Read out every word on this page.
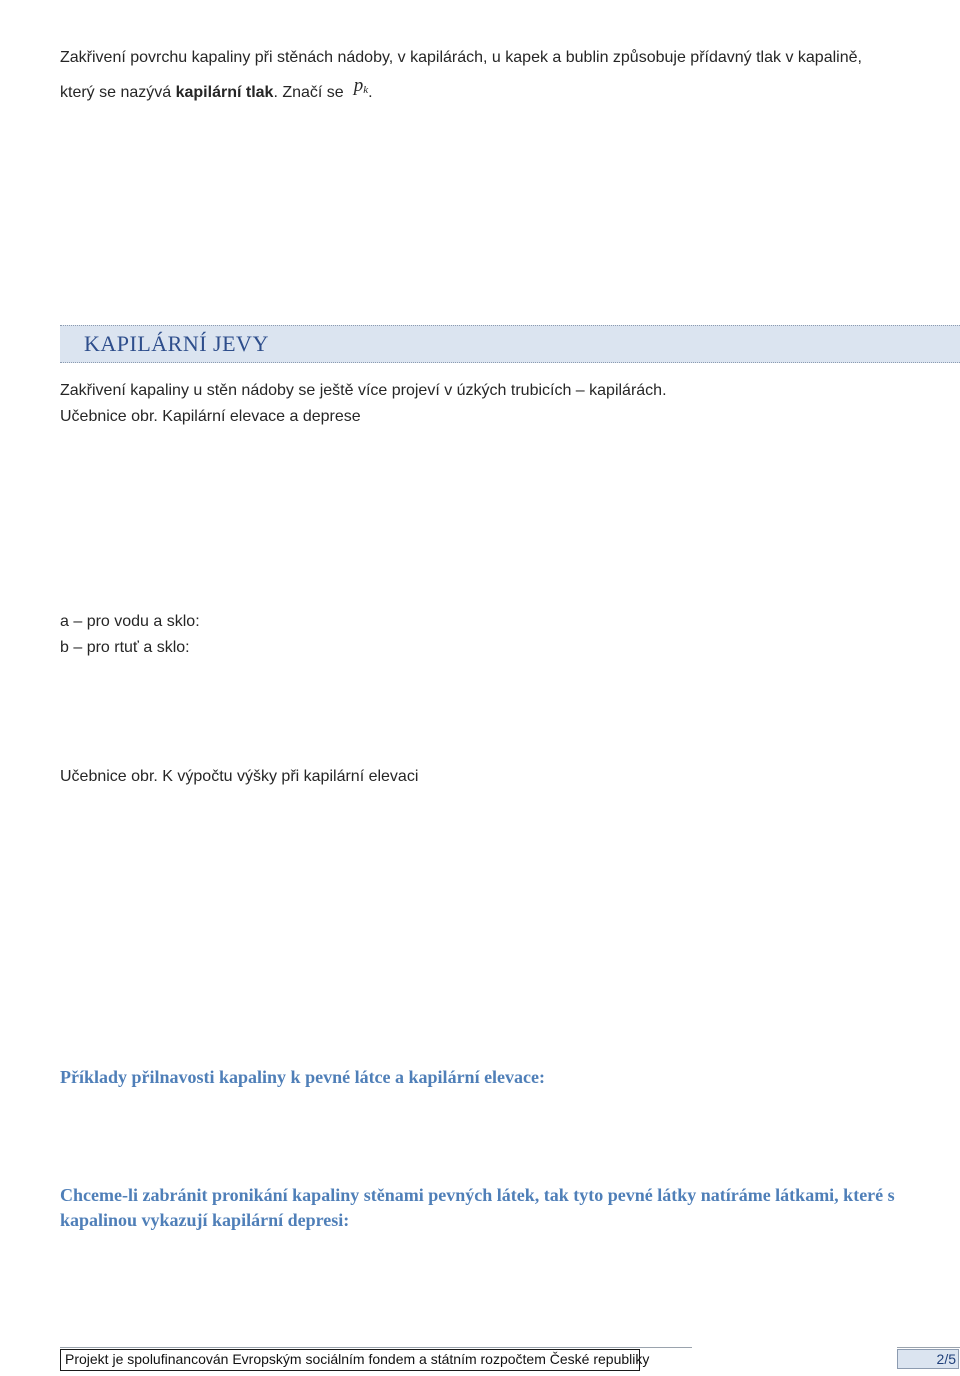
Zakřivení povrchu kapaliny při stěnách nádoby, v kapilárách, u kapek a bublin způsobuje přídavný tlak v kapalině,

který se nazývá kapilární tlak. Značí se $p_k$.

KAPILÁRNÍ JEVY

Zakřivení kapaliny u stěn nádoby se ještě více projeví v úzkých trubicích – kapilárách.

Učebnice obr. Kapilární elevace a deprese

a – pro vodu a sklo:

b – pro rtuť a sklo:

Učebnice obr. K výpočtu výšky při kapilární elevaci

Příklady přilnavosti kapaliny k pevné látce a kapilární elevace:
Chceme-li zabránit pronikání kapaliny stěnami pevných látek, tak tyto pevné látky natíráme látkami, které s kapalinou vykazují kapilární depresi:
Projekt je spolufinancován Evropským sociálním fondem a státním rozpočtem České republiky	2/5
